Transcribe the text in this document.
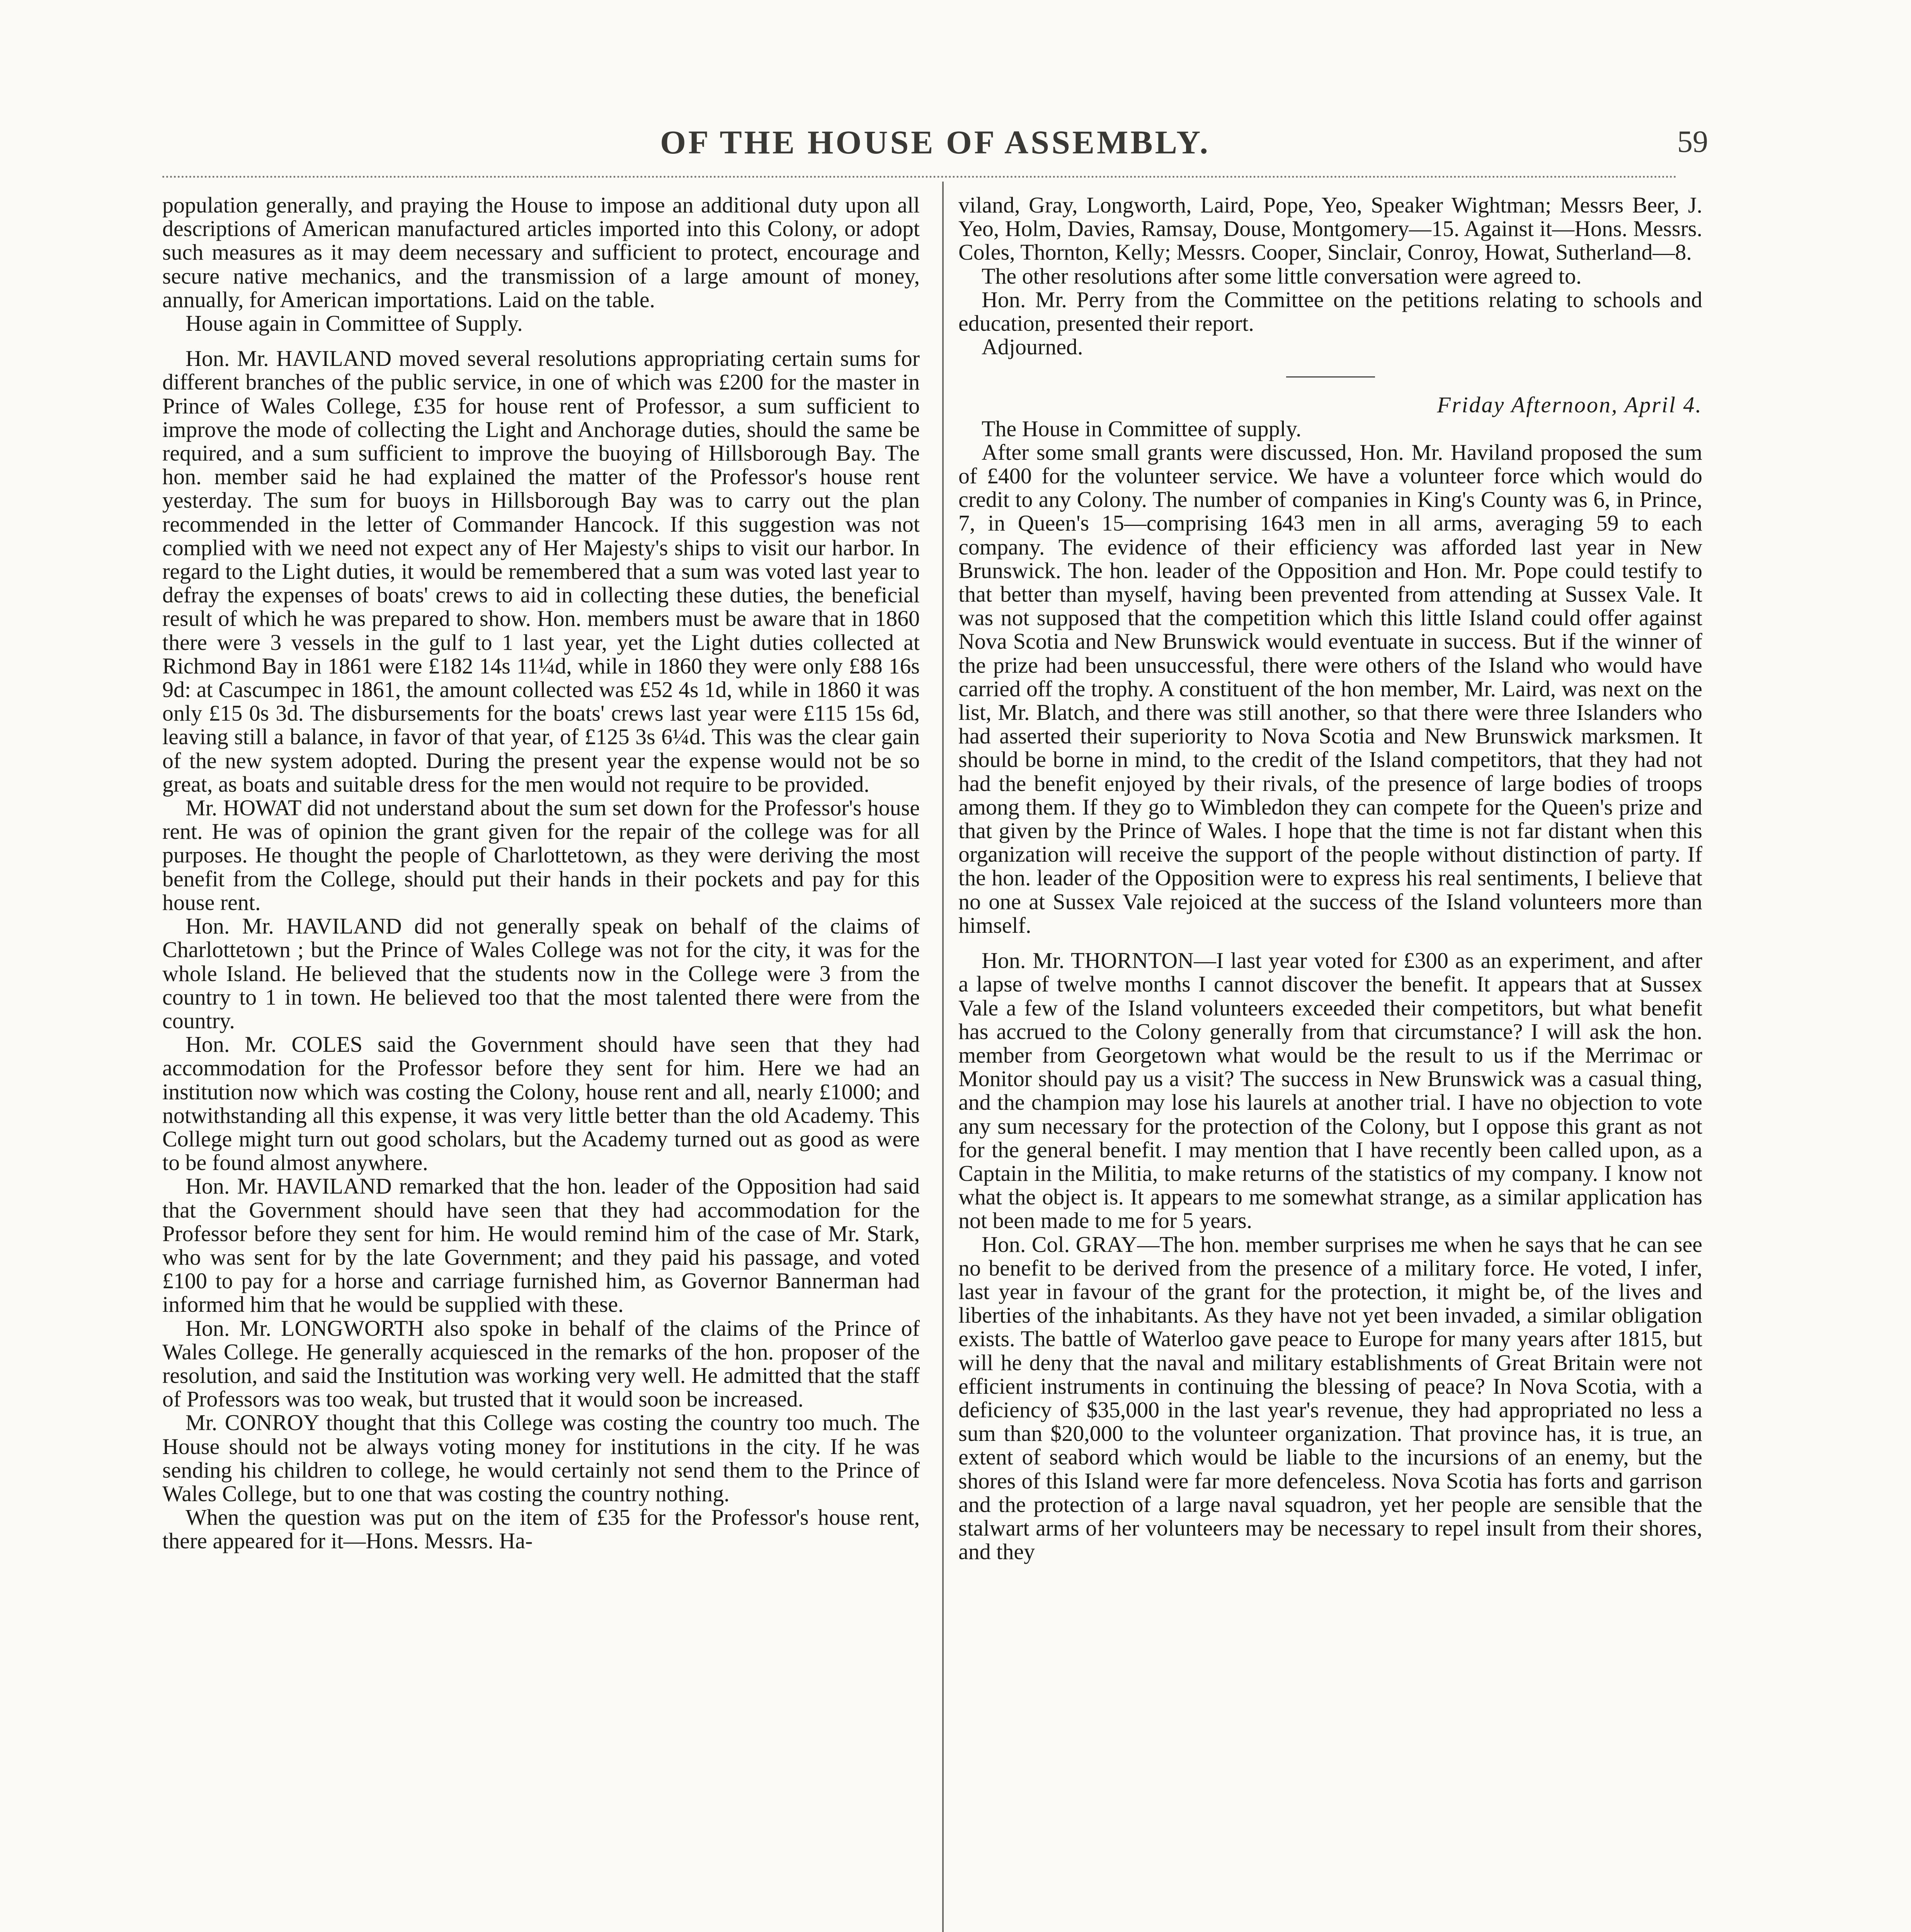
OF THE HOUSE OF ASSEMBLY.	59

population generally, and praying the House to impose an additional duty upon all descriptions of American manufactured articles imported into this Colony, or adopt such measures as it may deem necessary and sufficient to protect, encourage and secure native mechanics, and the transmission of a large amount of money, annually, for American importations. Laid on the table.

House again in Committee of Supply.

Hon. Mr. HAVILAND moved several resolutions appropriating certain sums for different branches of the public service, in one of which was £200 for the master in Prince of Wales College, £35 for house rent of Professor, a sum sufficient to improve the mode of collecting the Light and Anchorage duties, should the same be required, and a sum sufficient to improve the buoying of Hillsborough Bay. The hon. member said he had explained the matter of the Professor's house rent yesterday. The sum for buoys in Hillsborough Bay was to carry out the plan recommended in the letter of Commander Hancock. If this suggestion was not complied with we need not expect any of Her Majesty's ships to visit our harbor. In regard to the Light duties, it would be remembered that a sum was voted last year to defray the expenses of boats' crews to aid in collecting these duties, the beneficial result of which he was prepared to show. Hon. members must be aware that in 1860 there were 3 vessels in the gulf to 1 last year, yet the Light duties collected at Richmond Bay in 1861 were £182 14s 11¼d, while in 1860 they were only £88 16s 9d: at Cascumpec in 1861, the amount collected was £52 4s 1d, while in 1860 it was only £15 0s 3d. The disbursements for the boats' crews last year were £115 15s 6d, leaving still a balance, in favor of that year, of £125 3s 6¼d. This was the clear gain of the new system adopted. During the present year the expense would not be so great, as boats and suitable dress for the men would not require to be provided.

Mr. HOWAT did not understand about the sum set down for the Professor's house rent. He was of opinion the grant given for the repair of the college was for all purposes. He thought the people of Charlottetown, as they were deriving the most benefit from the College, should put their hands in their pockets and pay for this house rent.

Hon. Mr. HAVILAND did not generally speak on behalf of the claims of Charlottetown ; but the Prince of Wales College was not for the city, it was for the whole Island. He believed that the students now in the College were 3 from the country to 1 in town. He believed too that the most talented there were from the country.

Hon. Mr. COLES said the Government should have seen that they had accommodation for the Professor before they sent for him. Here we had an institution now which was costing the Colony, house rent and all, nearly £1000; and notwithstanding all this expense, it was very little better than the old Academy. This College might turn out good scholars, but the Academy turned out as good as were to be found almost anywhere.

Hon. Mr. HAVILAND remarked that the hon. leader of the Opposition had said that the Government should have seen that they had accommodation for the Professor before they sent for him. He would remind him of the case of Mr. Stark, who was sent for by the late Government; and they paid his passage, and voted £100 to pay for a horse and carriage furnished him, as Governor Bannerman had informed him that he would be supplied with these.

Hon. Mr. LONGWORTH also spoke in behalf of the claims of the Prince of Wales College. He generally acquiesced in the remarks of the hon. proposer of the resolution, and said the Institution was working very well. He admitted that the staff of Professors was too weak, but trusted that it would soon be increased.

Mr. CONROY thought that this College was costing the country too much. The House should not be always voting money for institutions in the city. If he was sending his children to college, he would certainly not send them to the Prince of Wales College, but to one that was costing the country nothing.

When the question was put on the item of £35 for the Professor's house rent, there appeared for it—Hons. Messrs. Ha-

viland, Gray, Longworth, Laird, Pope, Yeo, Speaker Wightman; Messrs Beer, J. Yeo, Holm, Davies, Ramsay, Douse, Montgomery—15. Against it—Hons. Messrs. Coles, Thornton, Kelly; Messrs. Cooper, Sinclair, Conroy, Howat, Sutherland—8.

The other resolutions after some little conversation were agreed to.

Hon. Mr. Perry from the Committee on the petitions relating to schools and education, presented their report.

Adjourned.

Friday Afternoon, April 4.

The House in Committee of supply.

After some small grants were discussed, Hon. Mr. Haviland proposed the sum of £400 for the volunteer service. We have a volunteer force which would do credit to any Colony. The number of companies in King's County was 6, in Prince, 7, in Queen's 15—comprising 1643 men in all arms, averaging 59 to each company. The evidence of their efficiency was afforded last year in New Brunswick. The hon. leader of the Opposition and Hon. Mr. Pope could testify to that better than myself, having been prevented from attending at Sussex Vale. It was not supposed that the competition which this little Island could offer against Nova Scotia and New Brunswick would eventuate in success. But if the winner of the prize had been unsuccessful, there were others of the Island who would have carried off the trophy. A constituent of the hon member, Mr. Laird, was next on the list, Mr. Blatch, and there was still another, so that there were three Islanders who had asserted their superiority to Nova Scotia and New Brunswick marksmen. It should be borne in mind, to the credit of the Island competitors, that they had not had the benefit enjoyed by their rivals, of the presence of large bodies of troops among them. If they go to Wimbledon they can compete for the Queen's prize and that given by the Prince of Wales. I hope that the time is not far distant when this organization will receive the support of the people without distinction of party. If the hon. leader of the Opposition were to express his real sentiments, I believe that no one at Sussex Vale rejoiced at the success of the Island volunteers more than himself.

Hon. Mr. THORNTON—I last year voted for £300 as an experiment, and after a lapse of twelve months I cannot discover the benefit. It appears that at Sussex Vale a few of the Island volunteers exceeded their competitors, but what benefit has accrued to the Colony generally from that circumstance? I will ask the hon. member from Georgetown what would be the result to us if the Merrimac or Monitor should pay us a visit? The success in New Brunswick was a casual thing, and the champion may lose his laurels at another trial. I have no objection to vote any sum necessary for the protection of the Colony, but I oppose this grant as not for the general benefit. I may mention that I have recently been called upon, as a Captain in the Militia, to make returns of the statistics of my company. I know not what the object is. It appears to me somewhat strange, as a similar application has not been made to me for 5 years.

Hon. Col. GRAY—The hon. member surprises me when he says that he can see no benefit to be derived from the presence of a military force. He voted, I infer, last year in favour of the grant for the protection, it might be, of the lives and liberties of the inhabitants. As they have not yet been invaded, a similar obligation exists. The battle of Waterloo gave peace to Europe for many years after 1815, but will he deny that the naval and military establishments of Great Britain were not efficient instruments in continuing the blessing of peace? In Nova Scotia, with a deficiency of $35,000 in the last year's revenue, they had appropriated no less a sum than $20,000 to the volunteer organization. That province has, it is true, an extent of seabord which would be liable to the incursions of an enemy, but the shores of this Island were far more defenceless. Nova Scotia has forts and garrison and the protection of a large naval squadron, yet her people are sensible that the stalwart arms of her volunteers may be necessary to repel insult from their shores, and they
